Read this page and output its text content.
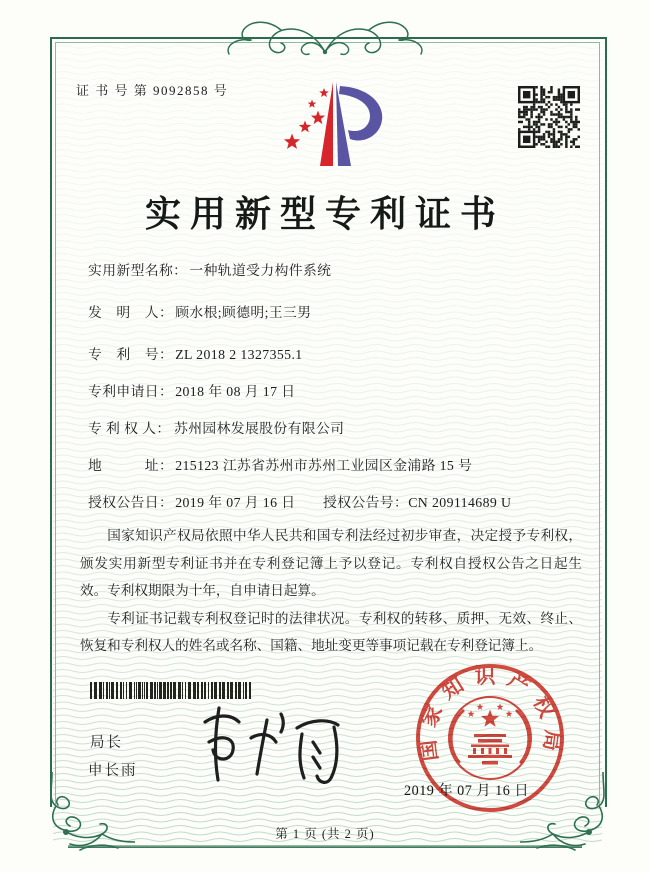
证 书 号 第 9092858 号
实用新型专利证书
实用新型名称： 一种轨道受力构件系统
发　明　人： 顾水根;顾德明;王三男
专　利　号： ZL 2018 2 1327355.1
专利申请日： 2018 年 08 月 17 日
专 利 权 人： 苏州园林发展股份有限公司
地　　　址： 215123 江苏省苏州市苏州工业园区金浦路 15 号
授权公告日： 2019 年 07 月 16 日 授权公告号：CN 209114689 U

国家知识产权局依照中华人民共和国专利法经过初步审查，决定授予专利权，颁发实用新型专利证书并在专利登记簿上予以登记。专利权自授权公告之日起生效。专利权期限为十年，自申请日起算。

专利证书记载专利权登记时的法律状况。专利权的转移、质押、无效、终止、恢复和专利权人的姓名或名称、国籍、地址变更等事项记载在专利登记簿上。

局长
申长雨
国家知识产权局
2019 年 07 月 16 日
第 1 页 (共 2 页)
